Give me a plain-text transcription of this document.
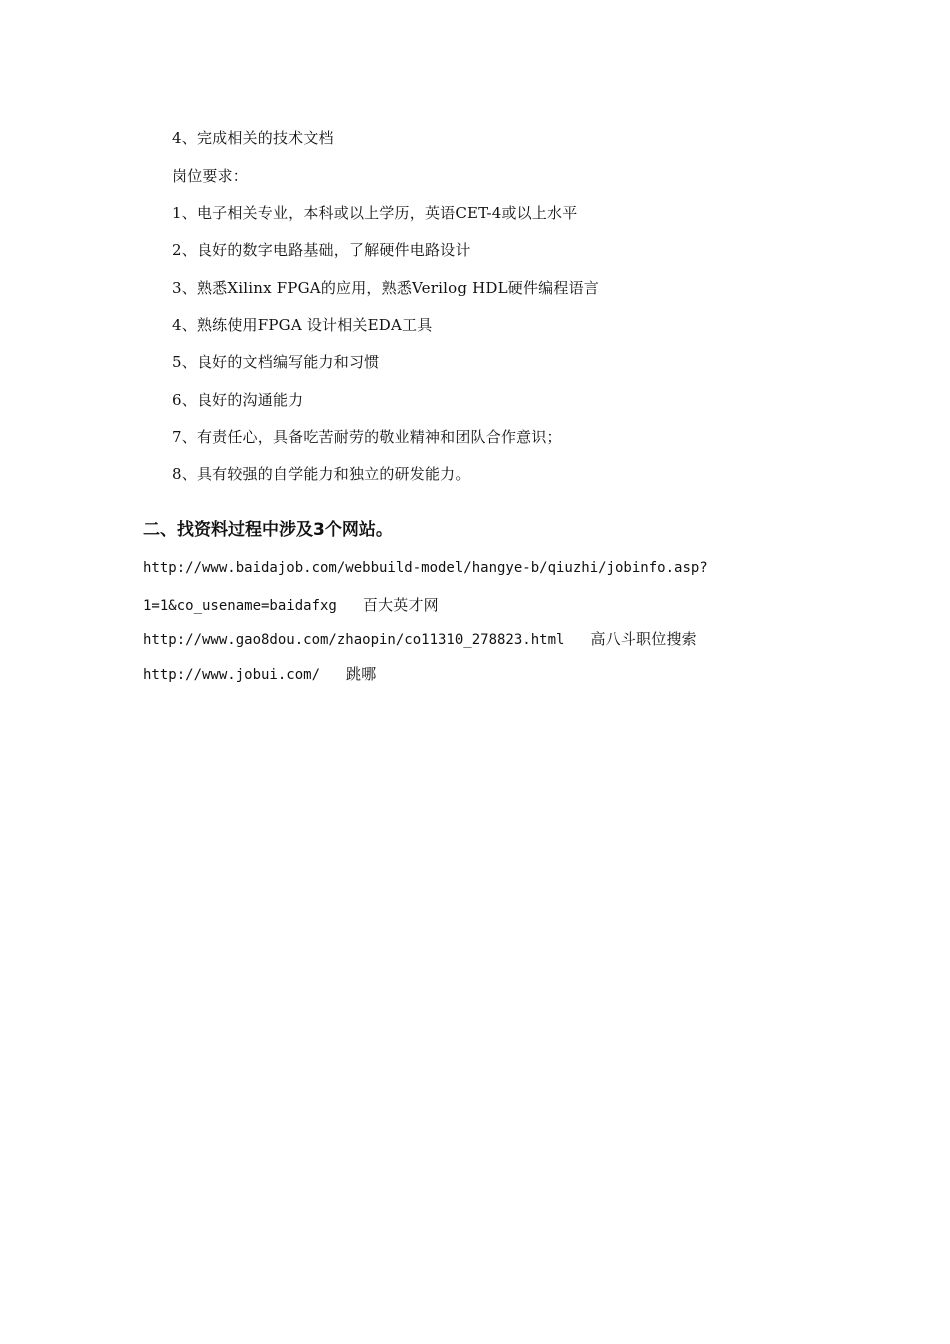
4、完成相关的技术文档
岗位要求：
1、电子相关专业，本科或以上学历，英语CET-4或以上水平
2、良好的数字电路基础，了解硬件电路设计
3、熟悉Xilinx FPGA的应用，熟悉Verilog HDL硬件编程语言
4、熟练使用FPGA 设计相关EDA工具
5、良好的文档编写能力和习惯
6、良好的沟通能力
7、有责任心，具备吃苦耐劳的敬业精神和团队合作意识；
8、具有较强的自学能力和独立的研发能力。
二、找资料过程中涉及3个网站。
http://www.baidajob.com/webbuild-model/hangye-b/qiuzhi/jobinfo.asp?
1=1&co_usename=baidafxg 百大英才网
http://www.gao8dou.com/zhaopin/co11310_278823.html 高八斗职位搜索
http://www.jobui.com/ 跳哪
